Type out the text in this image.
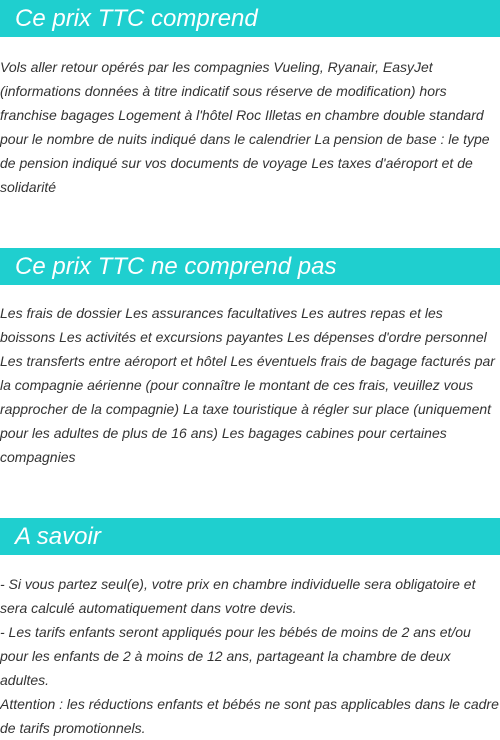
Ce prix TTC comprend

Vols aller retour opérés par les compagnies Vueling, Ryanair, EasyJet (informations données à titre indicatif sous réserve de modification) hors franchise bagages Logement à l'hôtel Roc Illetas en chambre double standard pour le nombre de nuits indiqué dans le calendrier La pension de base : le type de pension indiqué sur vos documents de voyage Les taxes d'aéroport et de solidarité

Ce prix TTC ne comprend pas

Les frais de dossier Les assurances facultatives Les autres repas et les boissons Les activités et excursions payantes Les dépenses d'ordre personnel Les transferts entre aéroport et hôtel Les éventuels frais de bagage facturés par la compagnie aérienne (pour connaître le montant de ces frais, veuillez vous rapprocher de la compagnie) La taxe touristique à régler sur place (uniquement pour les adultes de plus de 16 ans) Les bagages cabines pour certaines compagnies

A savoir
- Si vous partez seul(e), votre prix en chambre individuelle sera obligatoire et sera calculé automatiquement dans votre devis.
- Les tarifs enfants seront appliqués pour les bébés de moins de 2 ans et/ou pour les enfants de 2 à moins de 12 ans, partageant la chambre de deux adultes.
Attention : les réductions enfants et bébés ne sont pas applicables dans le cadre de tarifs promotionnels.
